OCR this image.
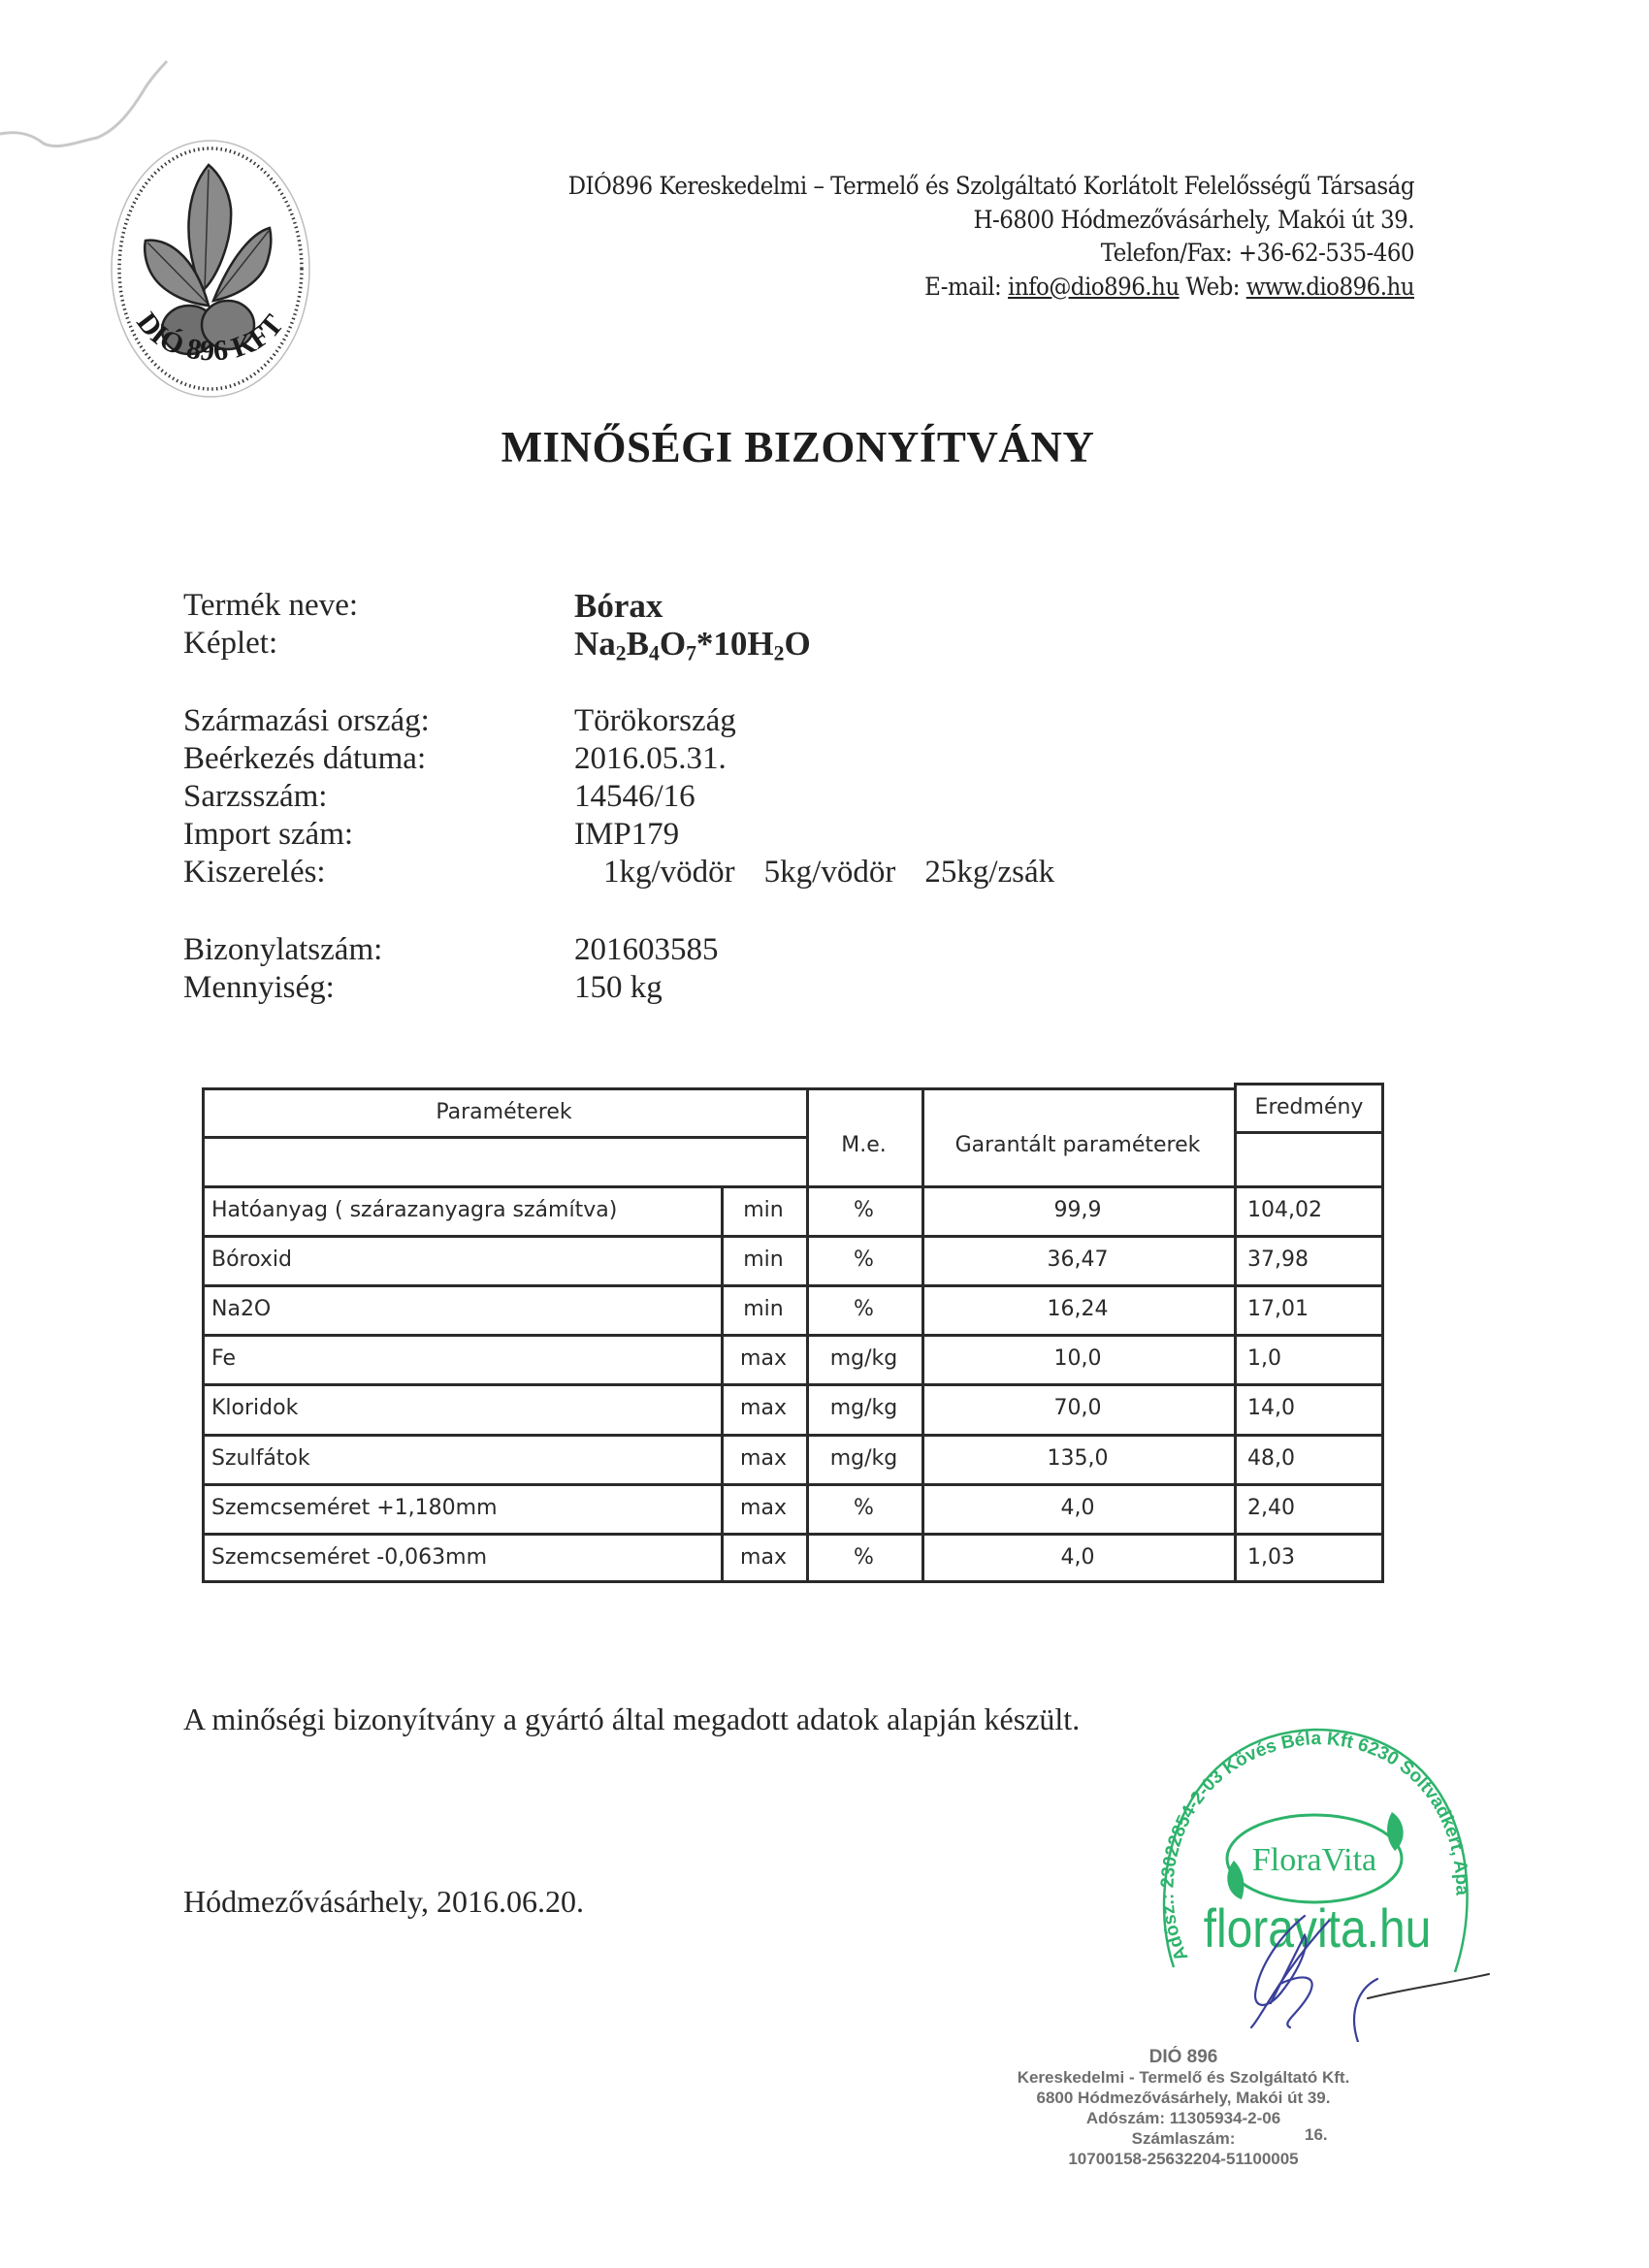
DIÓ 896 KFT
DIÓ896 Kereskedelmi – Termelő és Szolgáltató Korlátolt Felelősségű Társaság
H-6800 Hódmezővásárhely, Makói út 39.
Telefon/Fax: +36-62-535-460
E-mail: info@dio896.hu Web: www.dio896.hu
MINŐSÉGI BIZONYÍTVÁNY
Termék neve:	Bórax
Képlet:	$Na_2B_4O_7*10H_2O$
Származási ország:	Törökország
Beérkezés dátuma:	2016.05.31.
Sarzsszám:	14546/16
Import szám:	IMP179
Kiszerelés:	1kg/vödör 5kg/vödör 25kg/zsák
Bizonylatszám:	201603585
Mennyiség:	150 kg
Paraméterek
M.e.	Garantált paraméterek
Eredmény
Hatóanyag ( szárazanyagra számítva)	min	%	99,9	104,02
Bóroxid	min	%	36,47	37,98
Na2O	min	%	16,24	17,01
Fe	max	mg/kg	10,0	1,0
Kloridok	max	mg/kg	70,0	14,0
Szulfátok	max	mg/kg	135,0	48,0
Szemcseméret +1,180mm	max	%	4,0	2,40
Szemcseméret -0,063mm	max	%	4,0	1,03
A minőségi bizonyítvány a gyártó által megadott adatok alapján készült.
Hódmezővásárhely, 2016.06.20.
Adósz.: 23022854-2-03 Kövés Béla Kft 6230 Soltvadkert, Apa
FloraVita
floravita.hu
DIÓ 896
Kereskedelmi - Termelő és Szolgáltató Kft.
6800 Hódmezővásárhely, Makói út 39.
Adószám: 11305934-2-06
Számlaszám:
10700158-25632204-51100005
16.
